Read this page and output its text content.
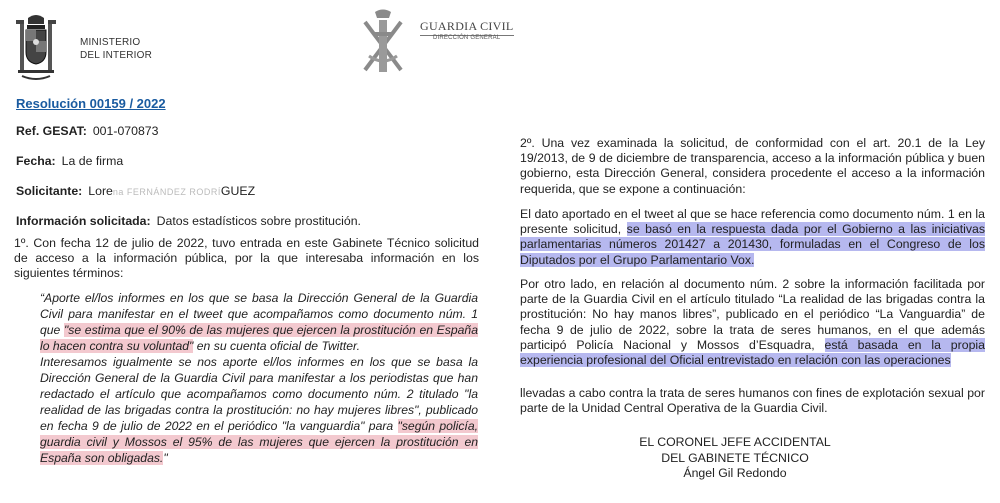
MINISTERIO
DEL INTERIOR
GUARDIA CIVIL
DIRECCIÓN GENERAL
Resolución 00159 / 2022
Ref. GESAT: 001-070873
Fecha: La de firma
Solicitante: Lorena FERNÁNDEZ RODRÍGUEZ
Información solicitada: Datos estadísticos sobre prostitución.
1º. Con fecha 12 de julio de 2022, tuvo entrada en este Gabinete Técnico solicitud de acceso a la información pública, por la que interesaba información en los siguientes términos:
“Aporte el/los informes en los que se basa la Dirección General de la Guardia Civil para manifestar en el tweet que acompañamos como documento núm. 1 que "se estima que el 90% de las mujeres que ejercen la prostitución en España lo hacen contra su voluntad" en su cuenta oficial de Twitter.
Interesamos igualmente se nos aporte el/los informes en los que se basa la Dirección General de la Guardia Civil para manifestar a los periodistas que han redactado el artículo que acompañamos como documento núm. 2 titulado "la realidad de las brigadas contra la prostitución: no hay mujeres libres", publicado en fecha 9 de julio de 2022 en el periódico "la vanguardia" para "según policía, guardia civil y Mossos el 95% de las mujeres que ejercen la prostitución en España son obligadas."
2º. Una vez examinada la solicitud, de conformidad con el art. 20.1 de la Ley 19/2013, de 9 de diciembre de transparencia, acceso a la información pública y buen gobierno, esta Dirección General, considera procedente el acceso a la información requerida, que se expone a continuación:
El dato aportado en el tweet al que se hace referencia como documento núm. 1 en la presente solicitud, se basó en la respuesta dada por el Gobierno a las iniciativas parlamentarias números 201427 a 201430, formuladas en el Congreso de los Diputados por el Grupo Parlamentario Vox.
Por otro lado, en relación al documento núm. 2 sobre la información facilitada por parte de la Guardia Civil en el artículo titulado “La realidad de las brigadas contra la prostitución: No hay manos libres”, publicado en el periódico “La Vanguardia” de fecha 9 de julio de 2022, sobre la trata de seres humanos, en el que además participó Policía Nacional y Mossos d’Esquadra, está basada en la propia experiencia profesional del Oficial entrevistado en relación con las operaciones
llevadas a cabo contra la trata de seres humanos con fines de explotación sexual por parte de la Unidad Central Operativa de la Guardia Civil.
EL CORONEL JEFE ACCIDENTAL
DEL GABINETE TÉCNICO
Ángel Gil Redondo
